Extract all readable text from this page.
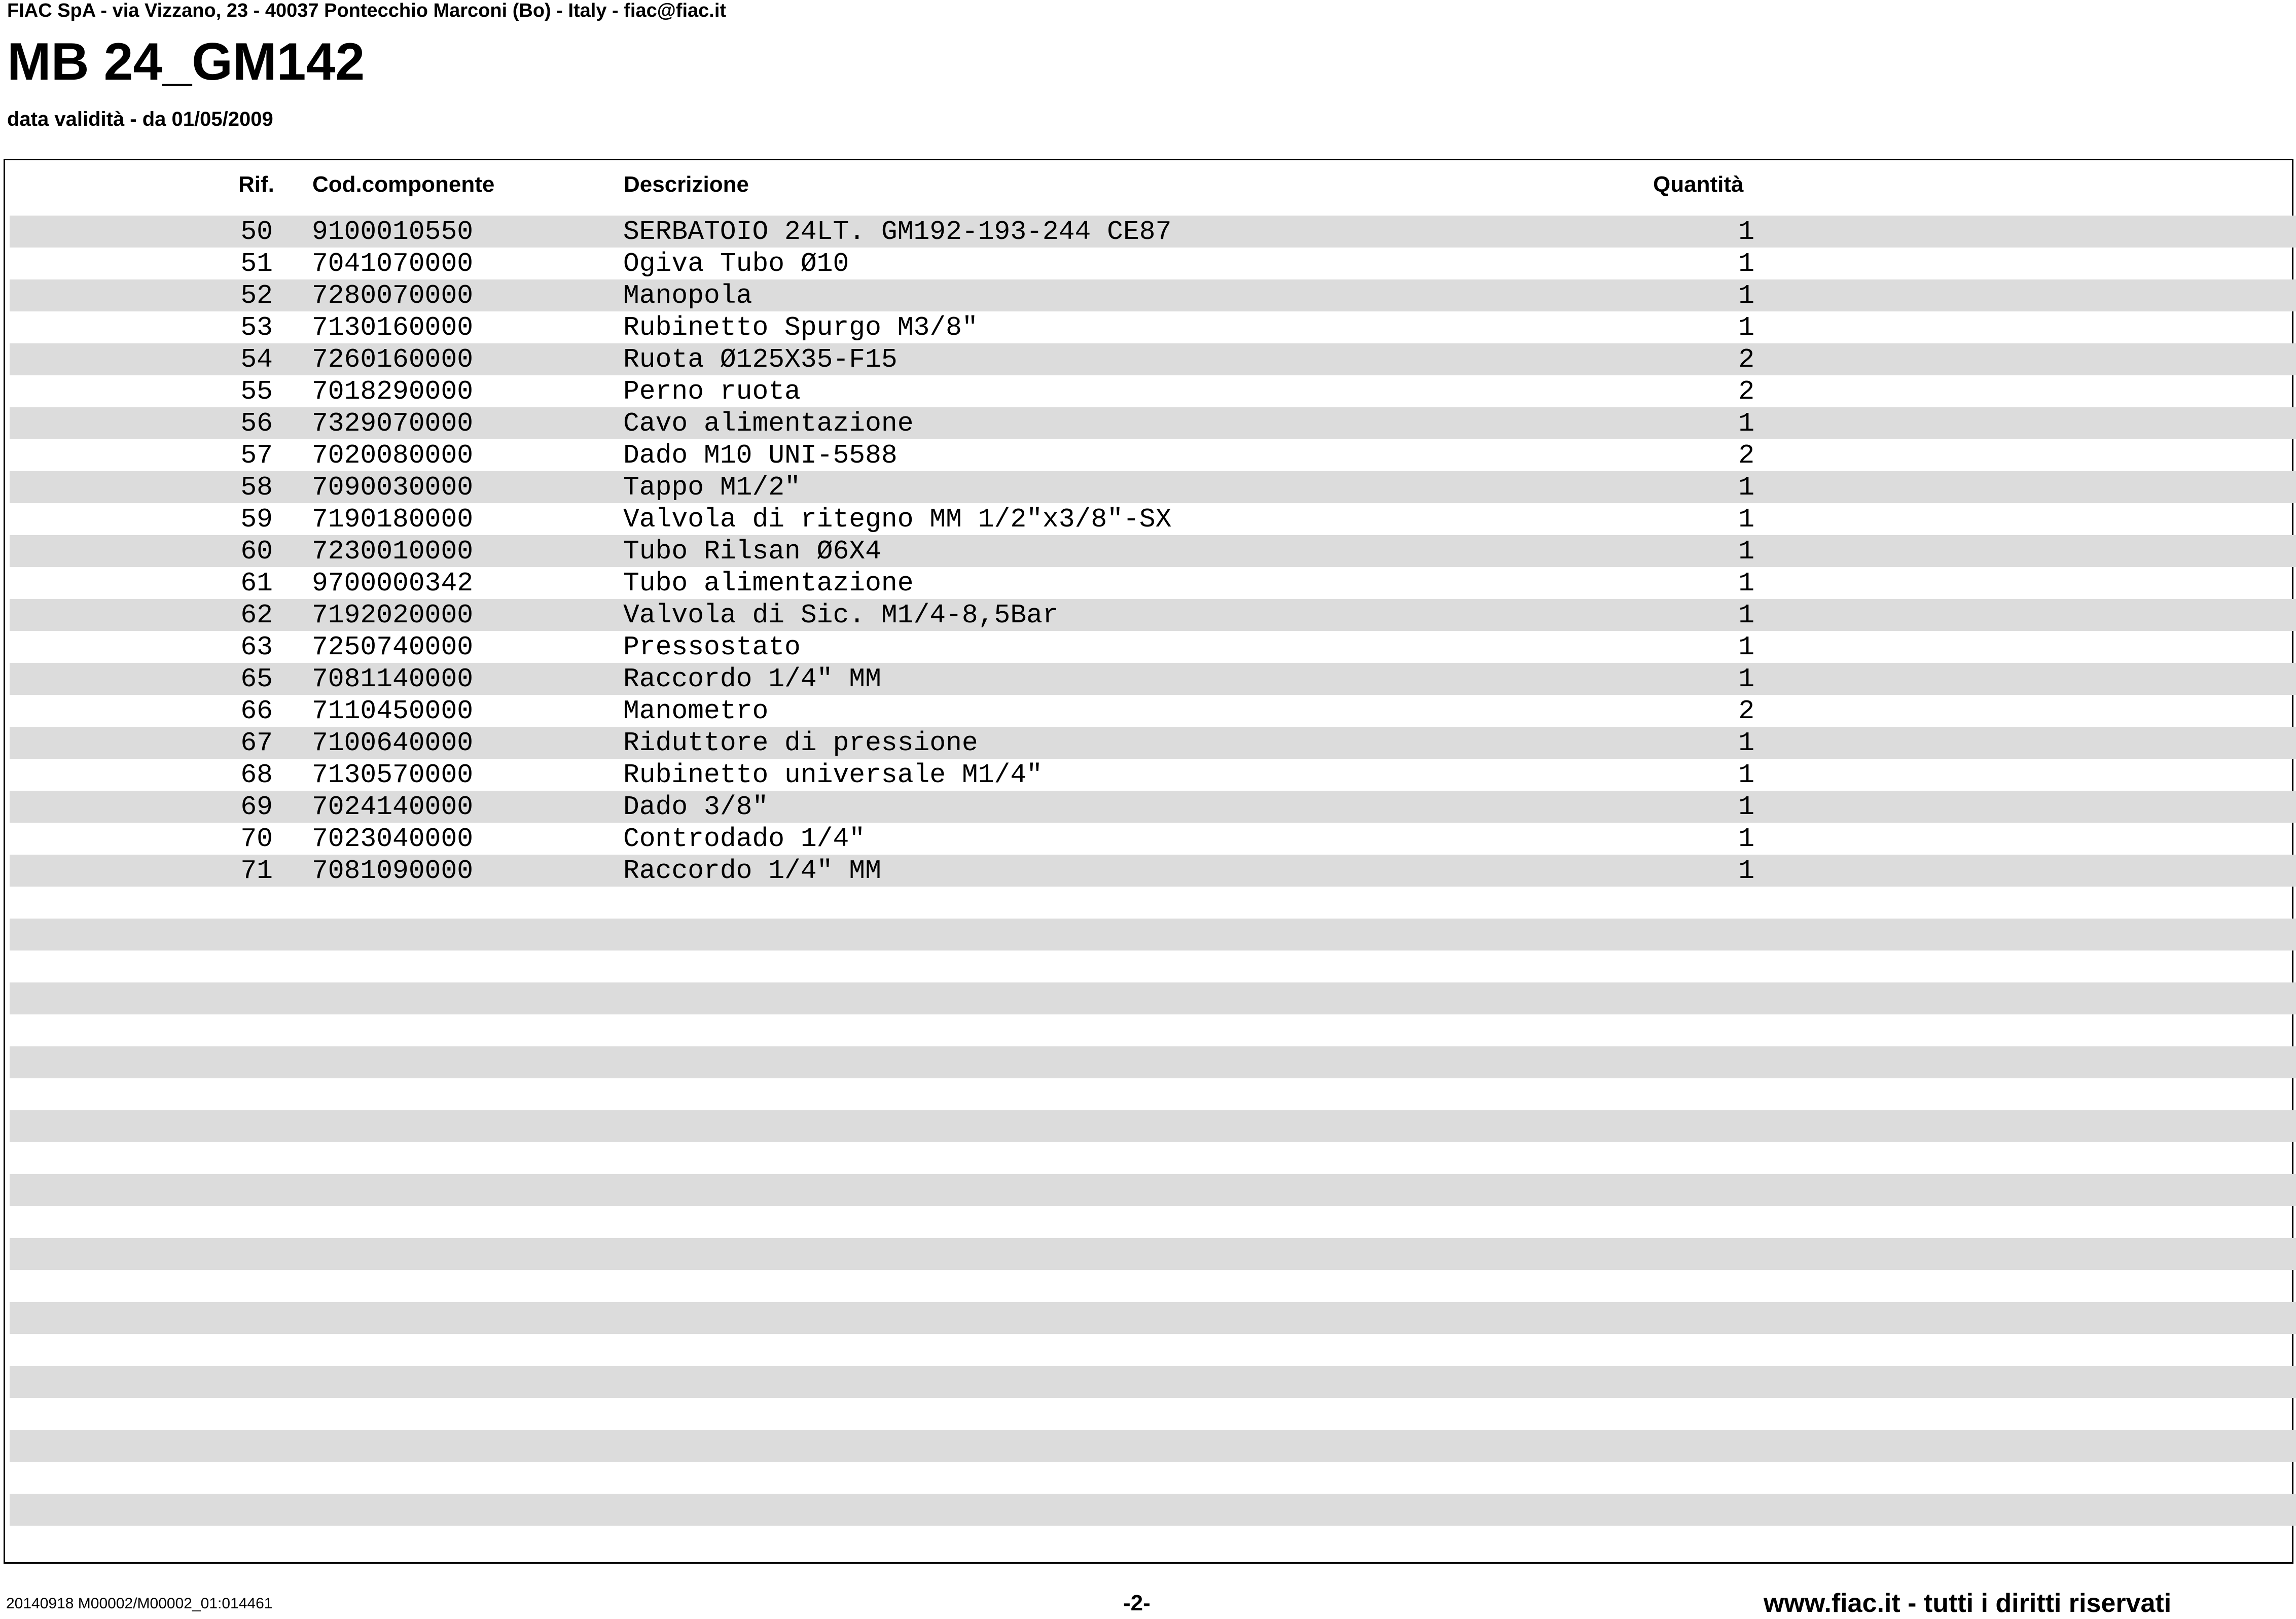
FIAC SpA - via Vizzano, 23 - 40037 Pontecchio Marconi (Bo) - Italy - fiac@fiac.it
MB 24_GM142
data validità - da 01/05/2009
Rif. Cod.componente	Descrizione	Quantità
50 9100010550	SERBATOIO 24LT. GM192-193-244 CE87	1
51 7041070000	Ogiva Tubo Ø10	1
52 7280070000	Manopola	1
53 7130160000	Rubinetto Spurgo M3/8"	1
54 7260160000	Ruota Ø125X35-F15	2
55 7018290000	Perno ruota	2
56 7329070000	Cavo alimentazione	1
57 7020080000	Dado M10 UNI-5588	2
58 7090030000	Tappo M1/2"	1
59 7190180000	Valvola di ritegno MM 1/2"x3/8"-SX	1
60 7230010000	Tubo Rilsan Ø6X4	1
61 9700000342	Tubo alimentazione	1
62 7192020000	Valvola di Sic. M1/4-8,5Bar	1
63 7250740000	Pressostato	1
65 7081140000	Raccordo 1/4" MM	1
66 7110450000	Manometro	2
67 7100640000	Riduttore di pressione	1
68 7130570000	Rubinetto universale M1/4"	1
69 7024140000	Dado 3/8"	1
70 7023040000	Controdado 1/4"	1
71 7081090000	Raccordo 1/4" MM	1
20140918 M00002/M00002_01:014461	-2-	www.fiac.it - tutti i diritti riservati
